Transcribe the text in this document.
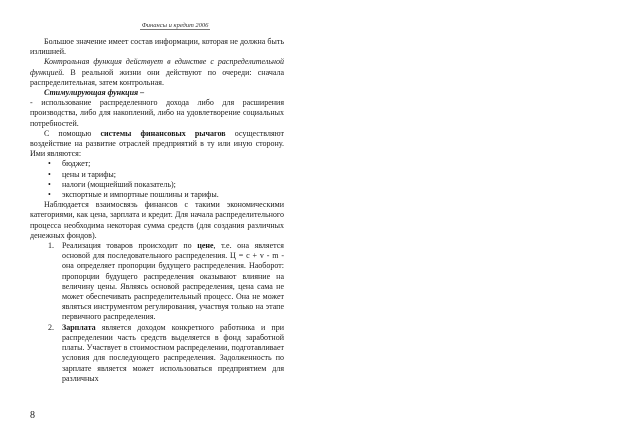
Финансы и кредит 2006

Большое значение имеет состав информации, которая не должна быть излишней.

Контрольная функция действует в единстве с распределительной функцией. В реальной жизни они действуют по очереди: сначала распределительная, затем контрольная.

Стимулирующая функция –

- использование распределенного дохода либо для расширения производства, либо для накоплений, либо на удовлетворение социальных потребностей.

С помощью системы финансовых рычагов осуществляют воздействие на развитие отраслей предприятий в ту или иную сторону. Ими являются:

• бюджет;
• цены и тарифы;
• налоги (мощнейший показатель);
• экспортные и импортные пошлины и тарифы.

Наблюдается взаимосвязь финансов с такими экономическими категориями, как цена, зарплата и кредит. Для начала распределительного процесса необходима некоторая сумма средств (для создания различных денежных фондов).

1. Реализация товаров происходит по цене, т.е. она является основой для последовательного распределения. Ц = с + v - m - она определяет пропорции будущего распределения. Наоборот: пропорции будущего распределения оказывают влияние на величину цены. Являясь основой распределения, цена сама не может обеспечивать распределительный процесс. Она не может являться инструментом регулирования, участвуя только на этапе первичного распределения.
2. Зарплата является доходом конкретного работника и при распределении часть средств выделяется в фонд заработной платы. Участвует в стоимостном распределении, подготавливает условия для последующего распределения. Задолженность по зарплате является может использоваться предприятием для различных
8
